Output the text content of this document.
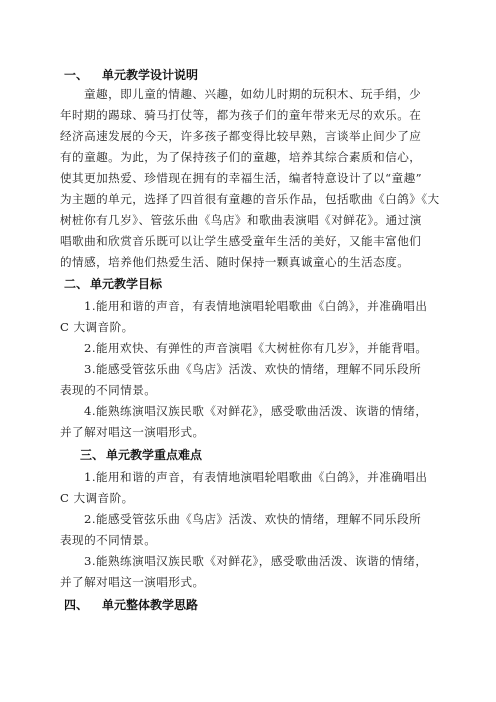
一、 单元教学设计说明
童趣，即儿童的情趣、兴趣，如幼儿时期的玩积木、玩手绢，少
年时期的踢球、骑马打仗等，都为孩子们的童年带来无尽的欢乐。在
经济高速发展的今天，许多孩子都变得比较早熟，言谈举止间少了应
有的童趣。为此，为了保持孩子们的童趣，培养其综合素质和信心，
使其更加热爱、珍惜现在拥有的幸福生活，编者特意设计了以“童趣”
为主题的单元，选择了四首很有童趣的音乐作品，包括歌曲《白鸽》《大
树桩你有几岁》、管弦乐曲《鸟店》和歌曲表演唱《对鲜花》。通过演
唱歌曲和欣赏音乐既可以让学生感受童年生活的美好，又能丰富他们
的情感，培养他们热爱生活、随时保持一颗真诚童心的生活态度。
二、 单元教学目标
1.能用和谐的声音，有表情地演唱轮唱歌曲《白鸽》，并准确唱出
C 大调音阶。
2.能用欢快、有弹性的声音演唱《大树桩你有几岁》，并能背唱。
3.能感受管弦乐曲《鸟店》活泼、欢快的情绪，理解不同乐段所
表现的不同情景。
4.能熟练演唱汉族民歌《对鲜花》，感受歌曲活泼、诙谐的情绪，
并了解对唱这一演唱形式。
三、 单元教学重点难点
1.能用和谐的声音，有表情地演唱轮唱歌曲《白鸽》，并准确唱出
C 大调音阶。
2.能感受管弦乐曲《鸟店》活泼、欢快的情绪，理解不同乐段所
表现的不同情景。
3.能熟练演唱汉族民歌《对鲜花》，感受歌曲活泼、诙谐的情绪，
并了解对唱这一演唱形式。
四、 单元整体教学思路
